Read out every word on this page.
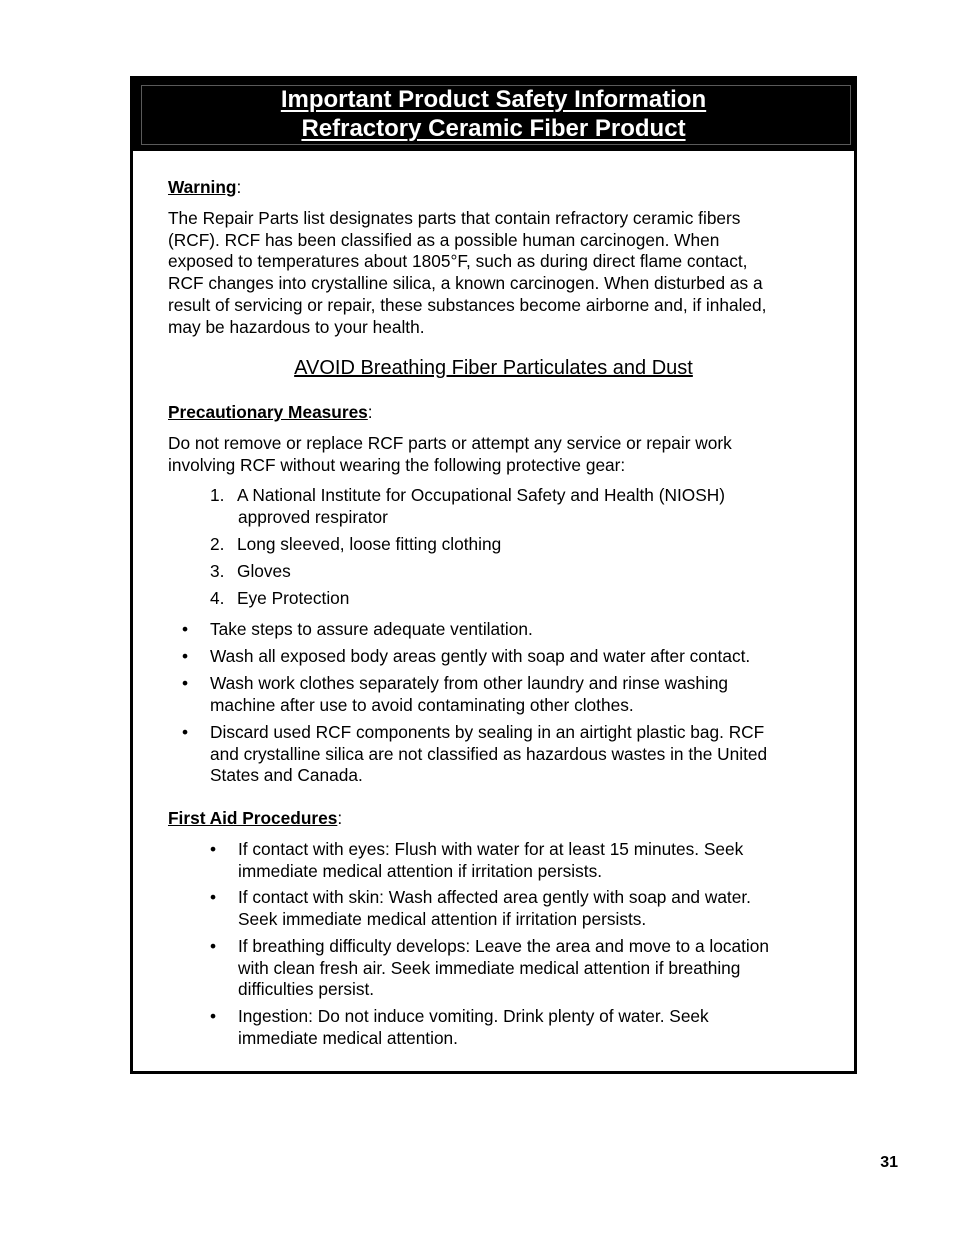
Important Product Safety Information
Refractory Ceramic Fiber Product
Warning:
The Repair Parts list designates parts that contain refractory ceramic fibers
(RCF). RCF has been classified as a possible human carcinogen. When
exposed to temperatures about 1805°F, such as during direct flame contact,
RCF changes into crystalline silica, a known carcinogen. When disturbed as a
result of servicing or repair, these substances become airborne and, if inhaled,
may be hazardous to your health.
AVOID Breathing Fiber Particulates and Dust
Precautionary Measures:
Do not remove or replace RCF parts or attempt any service or repair work
involving RCF without wearing the following protective gear:
1. A National Institute for Occupational Safety and Health (NIOSH)
approved respirator
2. Long sleeved, loose fitting clothing
3. Gloves
4. Eye Protection
• Take steps to assure adequate ventilation.
• Wash all exposed body areas gently with soap and water after contact.
• Wash work clothes separately from other laundry and rinse washing
machine after use to avoid contaminating other clothes.
• Discard used RCF components by sealing in an airtight plastic bag. RCF
and crystalline silica are not classified as hazardous wastes in the United
States and Canada.
First Aid Procedures:
• If contact with eyes: Flush with water for at least 15 minutes. Seek
immediate medical attention if irritation persists.
• If contact with skin: Wash affected area gently with soap and water.
Seek immediate medical attention if irritation persists.
• If breathing difficulty develops: Leave the area and move to a location
with clean fresh air. Seek immediate medical attention if breathing
difficulties persist.
• Ingestion: Do not induce vomiting. Drink plenty of water. Seek
immediate medical attention.
31
